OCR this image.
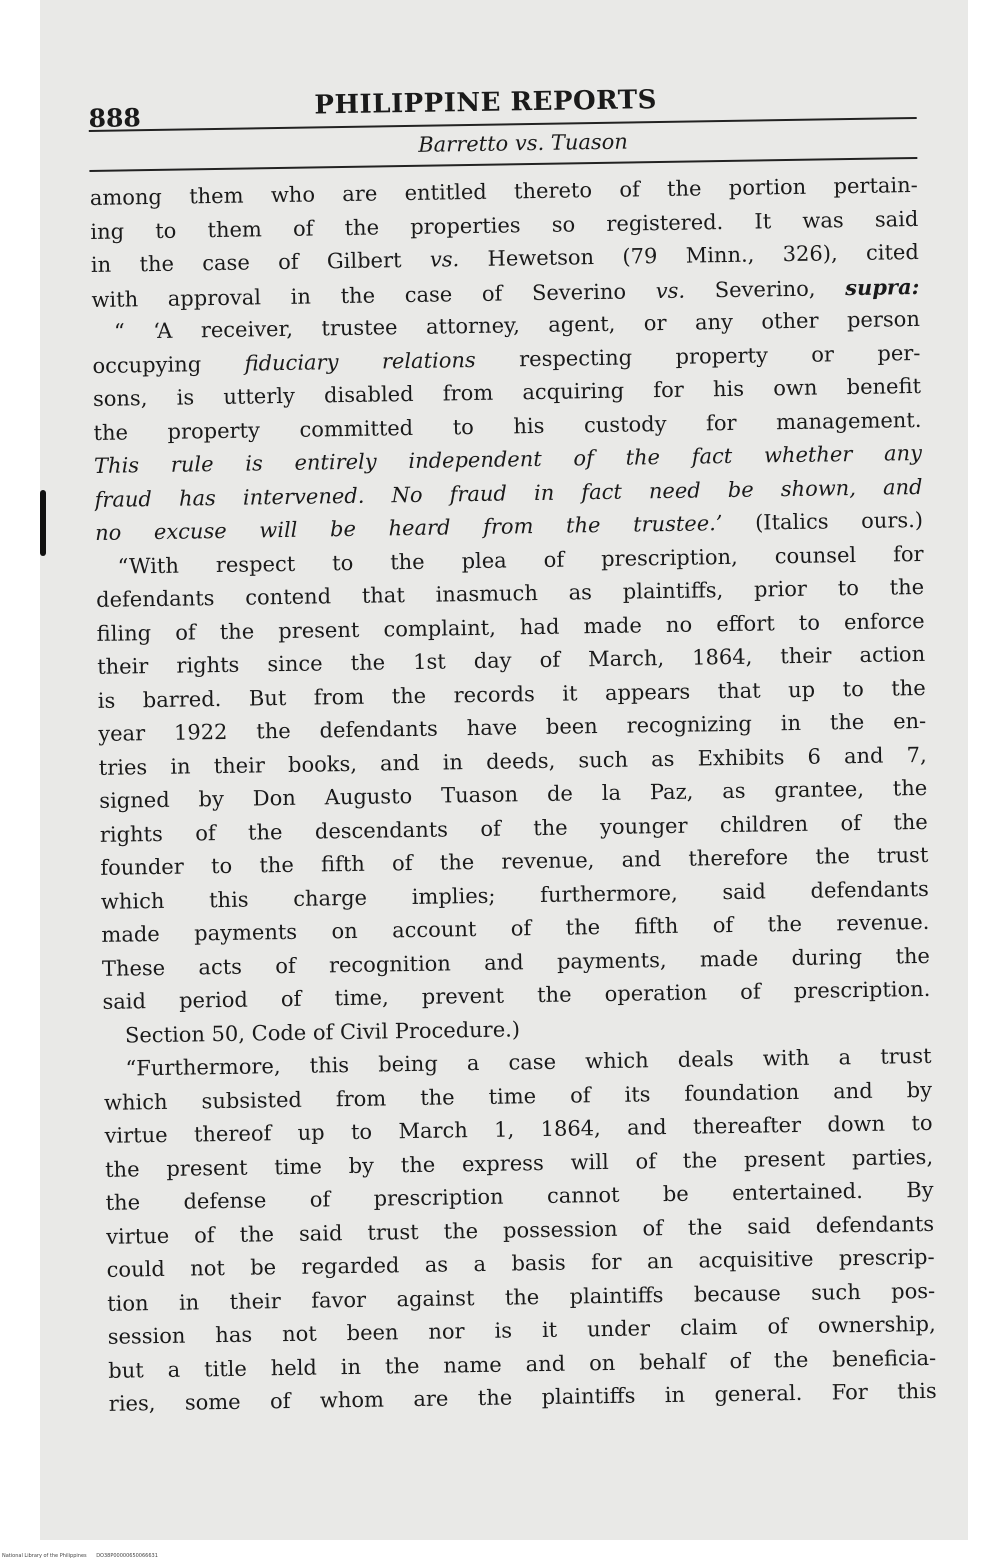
888	PHILIPPINE REPORTS
Barretto vs. Tuason
among them who are entitled thereto of the portion pertain-
ing to them of the properties so registered. It was said
in the case of Gilbert vs. Hewetson (79 Minn., 326), cited
with approval in the case of Severino vs. Severino, supra:
“ ‘A receiver, trustee attorney, agent, or any other person
occupying fiduciary relations respecting property or per-
sons, is utterly disabled from acquiring for his own benefit
the property committed to his custody for management.
This rule is entirely independent of the fact whether any
fraud has intervened. No fraud in fact need be shown, and
no excuse will be heard from the trustee.’ (Italics ours.)
“With respect to the plea of prescription, counsel for
defendants contend that inasmuch as plaintiffs, prior to the
filing of the present complaint, had made no effort to enforce
their rights since the 1st day of March, 1864, their action
is barred. But from the records it appears that up to the
year 1922 the defendants have been recognizing in the en-
tries in their books, and in deeds, such as Exhibits 6 and 7,
signed by Don Augusto Tuason de la Paz, as grantee, the
rights of the descendants of the younger children of the
founder to the fifth of the revenue, and therefore the trust
which this charge implies; furthermore, said defendants
made payments on account of the fifth of the revenue.
These acts of recognition and payments, made during the
said period of time, prevent the operation of prescription.
Section 50, Code of Civil Procedure.)
“Furthermore, this being a case which deals with a trust
which subsisted from the time of its foundation and by
virtue thereof up to March 1, 1864, and thereafter down to
the present time by the express will of the present parties,
the defense of prescription cannot be entertained. By
virtue of the said trust the possession of the said defendants
could not be regarded as a basis for an acquisitive prescrip-
tion in their favor against the plaintiffs because such pos-
session has not been nor is it under claim of ownership,
but a title held in the name and on behalf of the beneficia-
ries, some of whom are the plaintiffs in general. For this
National Library of the Philippines DO38P00000650066631
